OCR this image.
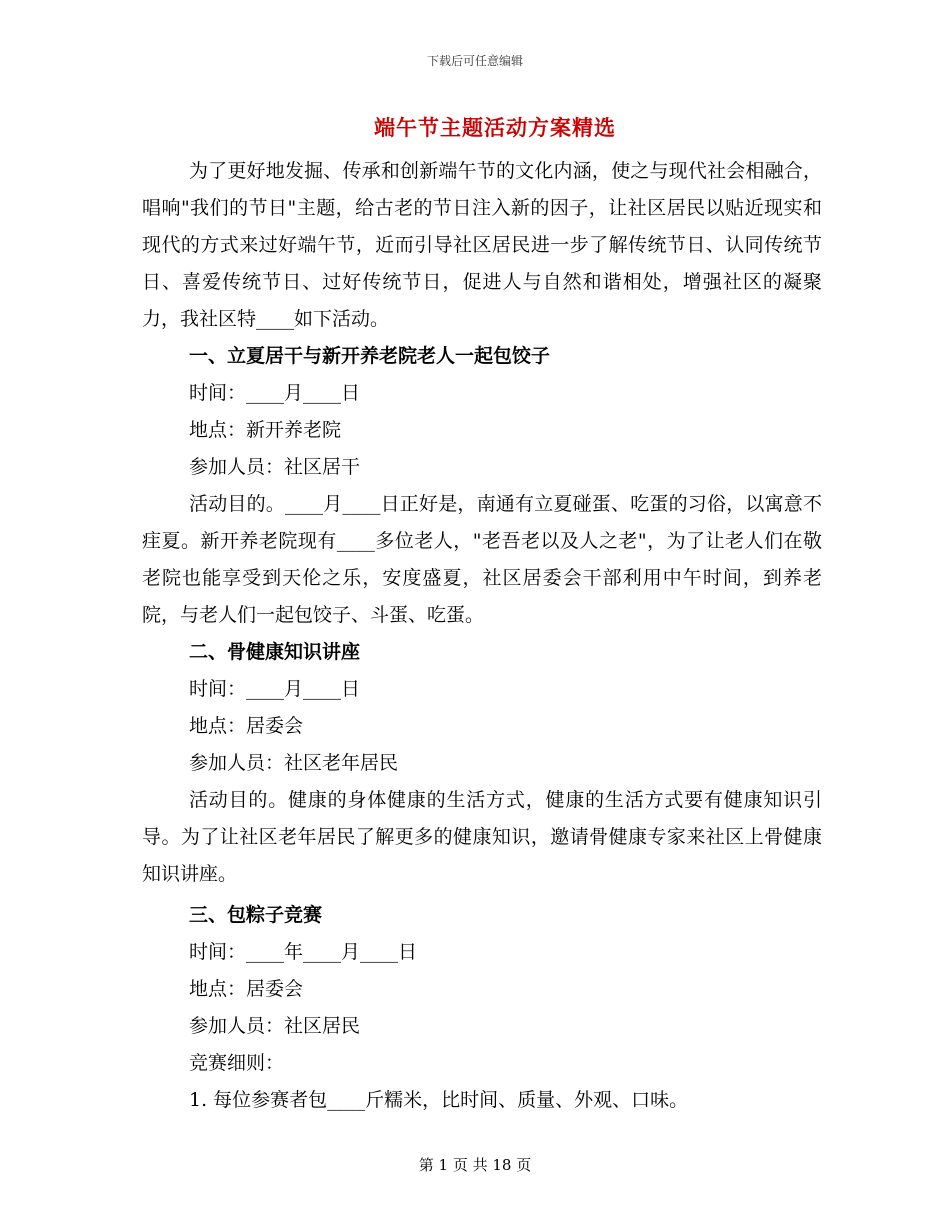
下载后可任意编辑
端午节主题活动方案精选

为了更好地发掘、传承和创新端午节的文化内涵，使之与现代社会相融合，唱响"我们的节日"主题，给古老的节日注入新的因子，让社区居民以贴近现实和现代的方式来过好端午节，近而引导社区居民进一步了解传统节日、认同传统节日、喜爱传统节日、过好传统节日，促进人与自然和谐相处，增强社区的凝聚力，我社区特____如下活动。

一、立夏居干与新开养老院老人一起包饺子

时间：____月____日

地点：新开养老院

参加人员：社区居干

活动目的。____月____日正好是，南通有立夏碰蛋、吃蛋的习俗，以寓意不疰夏。新开养老院现有____多位老人，"老吾老以及人之老"，为了让老人们在敬老院也能享受到天伦之乐，安度盛夏，社区居委会干部利用中午时间，到养老院，与老人们一起包饺子、斗蛋、吃蛋。

二、骨健康知识讲座

时间：____月____日

地点：居委会

参加人员：社区老年居民

活动目的。健康的身体健康的生活方式，健康的生活方式要有健康知识引导。为了让社区老年居民了解更多的健康知识，邀请骨健康专家来社区上骨健康知识讲座。

三、包粽子竞赛

时间：____年____月____日

地点：居委会

参加人员：社区居民

竞赛细则：

1. 每位参赛者包____斤糯米，比时间、质量、外观、口味。

第 1 页 共 18 页
